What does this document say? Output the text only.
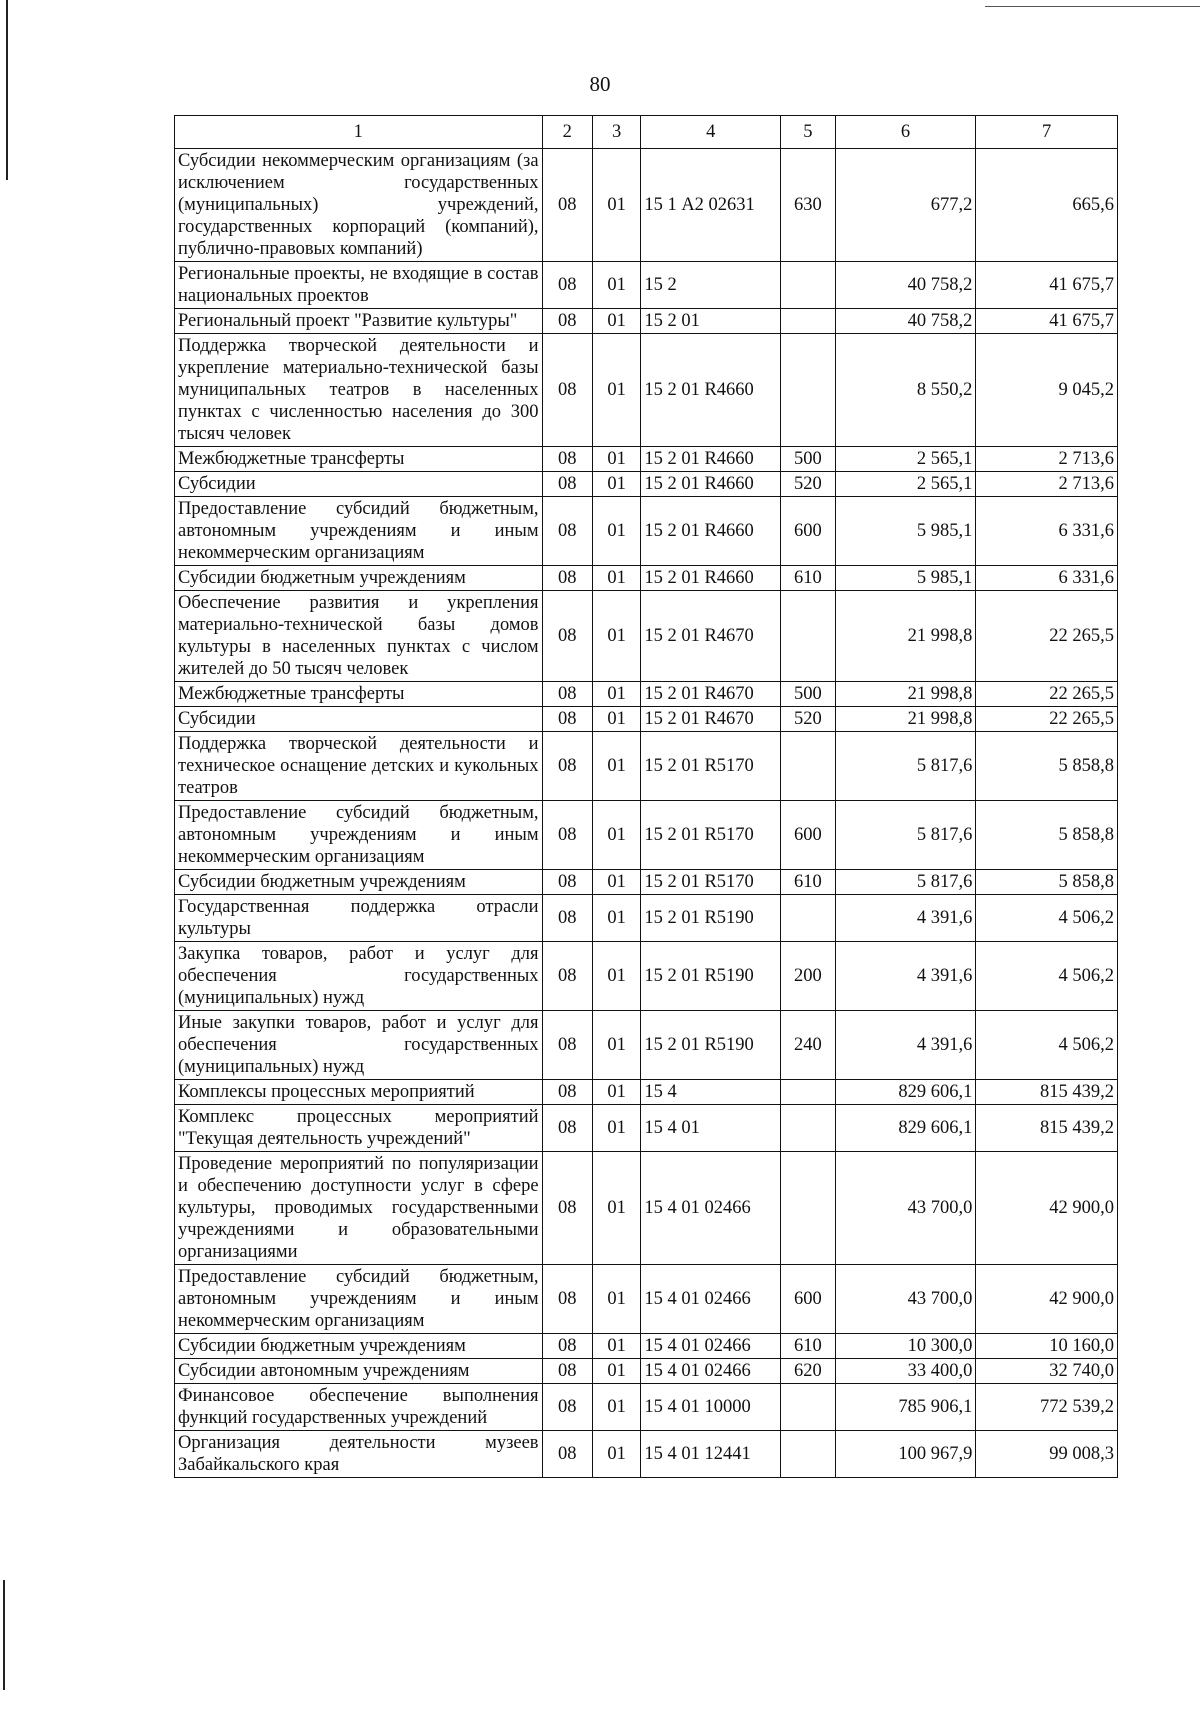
80
1	2	3	4	5	6	7
Субсидии некоммерческим организациям (за исключением государственных (муниципальных) учреждений, государственных корпораций (компаний), публично-правовых компаний)	08	01	15 1 А2 02631	630	677,2	665,6
Региональные проекты, не входящие в состав национальных проектов	08	01	15 2		40 758,2	41 675,7
Региональный проект "Развитие культуры"	08	01	15 2 01		40 758,2	41 675,7
Поддержка творческой деятельности и укрепление материально-технической базы муниципальных театров в населенных пунктах с численностью населения до 300 тысяч человек	08	01	15 2 01 R4660		8 550,2	9 045,2
Межбюджетные трансферты	08	01	15 2 01 R4660	500	2 565,1	2 713,6
Субсидии	08	01	15 2 01 R4660	520	2 565,1	2 713,6
Предоставление субсидий бюджетным, автономным учреждениям и иным некоммерческим организациям	08	01	15 2 01 R4660	600	5 985,1	6 331,6
Субсидии бюджетным учреждениям	08	01	15 2 01 R4660	610	5 985,1	6 331,6
Обеспечение развития и укрепления материально-технической базы домов культуры в населенных пунктах с числом жителей до 50 тысяч человек	08	01	15 2 01 R4670		21 998,8	22 265,5
Межбюджетные трансферты	08	01	15 2 01 R4670	500	21 998,8	22 265,5
Субсидии	08	01	15 2 01 R4670	520	21 998,8	22 265,5
Поддержка творческой деятельности и техническое оснащение детских и кукольных театров	08	01	15 2 01 R5170		5 817,6	5 858,8
Предоставление субсидий бюджетным, автономным учреждениям и иным некоммерческим организациям	08	01	15 2 01 R5170	600	5 817,6	5 858,8
Субсидии бюджетным учреждениям	08	01	15 2 01 R5170	610	5 817,6	5 858,8
Государственная поддержка отрасли культуры	08	01	15 2 01 R5190		4 391,6	4 506,2
Закупка товаров, работ и услуг для обеспечения государственных (муниципальных) нужд	08	01	15 2 01 R5190	200	4 391,6	4 506,2
Иные закупки товаров, работ и услуг для обеспечения государственных (муниципальных) нужд	08	01	15 2 01 R5190	240	4 391,6	4 506,2
Комплексы процессных мероприятий	08	01	15 4		829 606,1	815 439,2
Комплекс процессных мероприятий "Текущая деятельность учреждений"	08	01	15 4 01		829 606,1	815 439,2
Проведение мероприятий по популяризации и обеспечению доступности услуг в сфере культуры, проводимых государственными учреждениями и образовательными организациями	08	01	15 4 01 02466		43 700,0	42 900,0
Предоставление субсидий бюджетным, автономным учреждениям и иным некоммерческим организациям	08	01	15 4 01 02466	600	43 700,0	42 900,0
Субсидии бюджетным учреждениям	08	01	15 4 01 02466	610	10 300,0	10 160,0
Субсидии автономным учреждениям	08	01	15 4 01 02466	620	33 400,0	32 740,0
Финансовое обеспечение выполнения функций государственных учреждений	08	01	15 4 01 10000		785 906,1	772 539,2
Организация деятельности музеев Забайкальского края	08	01	15 4 01 12441		100 967,9	99 008,3
